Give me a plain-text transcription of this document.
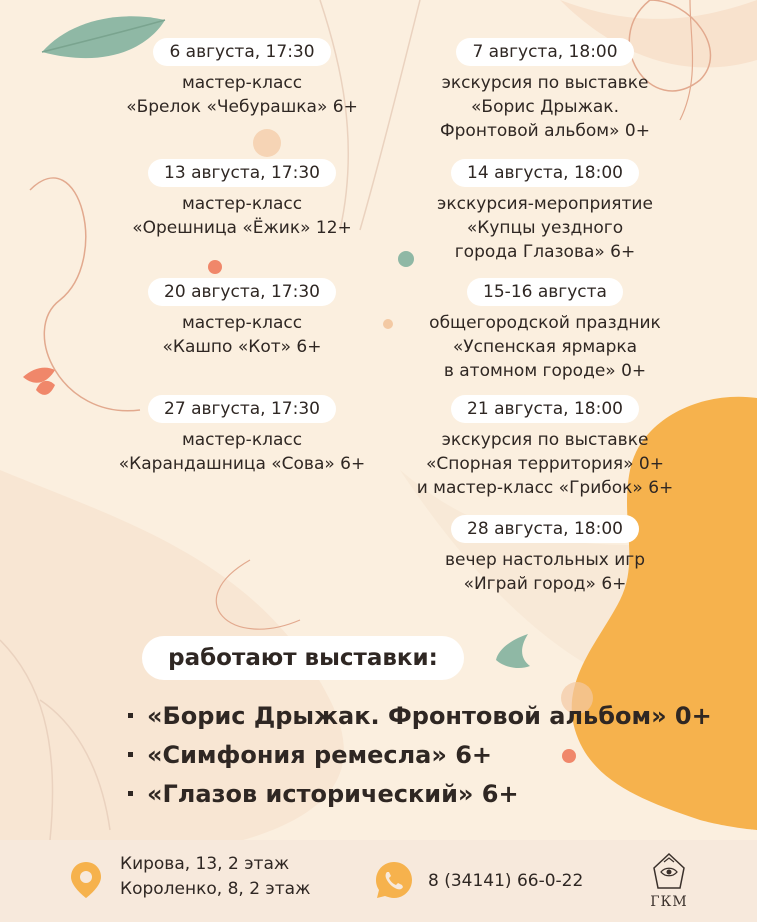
6 августа, 17:30
мастер-класс
«Брелок «Чебурашка» 6+
13 августа, 17:30
мастер-класс
«Орешница «Ёжик» 12+
20 августа, 17:30
мастер-класс
«Кашпо «Кот» 6+
27 августа, 17:30
мастер-класс
«Карандашница «Сова» 6+
7 августа, 18:00
экскурсия по выставке
«Борис Дрыжак.
Фронтовой альбом» 0+
14 августа, 18:00
экскурсия-мероприятие
«Купцы уездного
города Глазова» 6+
15-16 августа
общегородской праздник
«Успенская ярмарка
в атомном городе» 0+
21 августа, 18:00
экскурсия по выставке
«Спорная территория» 0+
и мастер-класс «Грибок» 6+
28 августа, 18:00
вечер настольных игр
«Играй город» 6+
работают выставки:
«Борис Дрыжак. Фронтовой альбом» 0+
«Симфония ремесла» 6+
«Глазов исторический» 6+
Кирова, 13, 2 этаж
Короленко, 8, 2 этаж	8 (34141) 66-0-22
ГКМ
